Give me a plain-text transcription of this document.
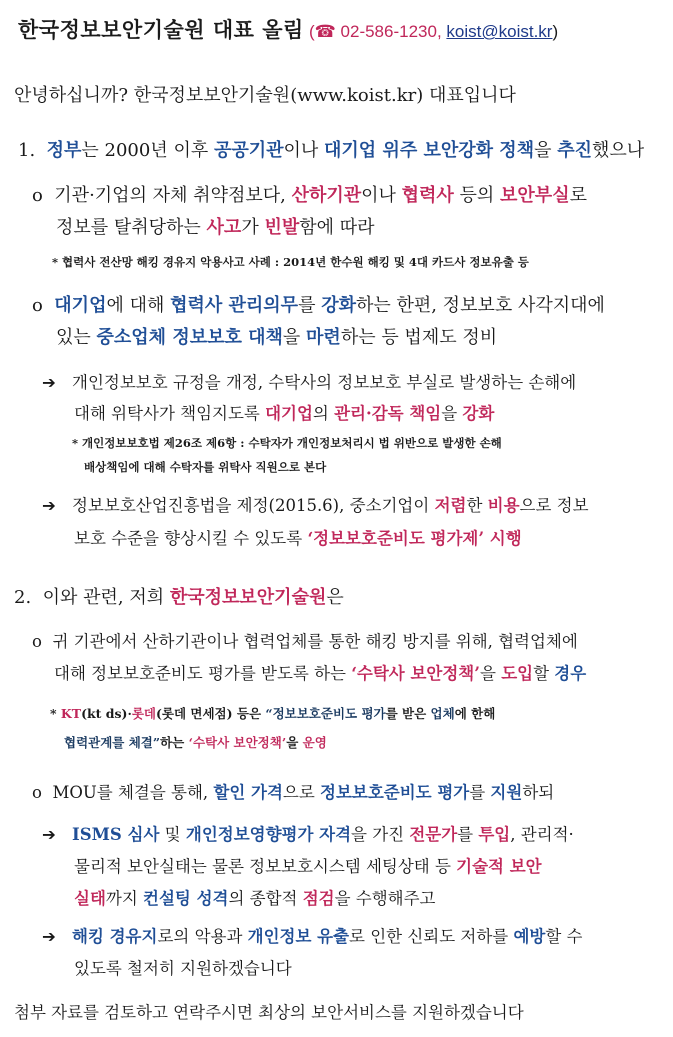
한국정보보안기술원 대표 올림 (☎ 02-586-1230, koist@koist.kr)
안녕하십니까? 한국정보보안기술원(www.koist.kr) 대표입니다
1. 정부는 2000년 이후 공공기관이나 대기업 위주 보안강화 정책을 추진했으나
o 기관·기업의 자체 취약점보다, 산하기관이나 협력사 등의 보안부실로
정보를 탈취당하는 사고가 빈발함에 따라
* 협력사 전산망 해킹 경유지 악용사고 사례 : 2014년 한수원 해킹 및 4대 카드사 정보유출 등
o 대기업에 대해 협력사 관리의무를 강화하는 한편, 정보보호 사각지대에
있는 중소업체 정보보호 대책을 마련하는 등 법제도 정비
➔ 개인정보보호 규정을 개정, 수탁사의 정보보호 부실로 발생하는 손해에
대해 위탁사가 책임지도록 대기업의 관리·감독 책임을 강화
* 개인정보보호법 제26조 제6항 : 수탁자가 개인정보처리시 법 위반으로 발생한 손해
배상책임에 대해 수탁자를 위탁사 직원으로 본다
➔ 정보보호산업진흥법을 제정(2015.6), 중소기업이 저렴한 비용으로 정보
보호 수준을 향상시킬 수 있도록 ‘정보보호준비도 평가제’ 시행
2. 이와 관련, 저희 한국정보보안기술원은
o 귀 기관에서 산하기관이나 협력업체를 통한 해킹 방지를 위해, 협력업체에
대해 정보보호준비도 평가를 받도록 하는 ‘수탁사 보안정책’을 도입할 경우
* KT(kt ds)·롯데(롯데 면세점) 등은 “정보보호준비도 평가를 받은 업체에 한해
협력관계를 체결”하는 ‘수탁사 보안정책’을 운영
o MOU를 체결을 통해, 할인 가격으로 정보보호준비도 평가를 지원하되
➔ ISMS 심사 및 개인정보영향평가 자격을 가진 전문가를 투입, 관리적·
물리적 보안실태는 물론 정보보호시스템 세팅상태 등 기술적 보안
실태까지 컨설팅 성격의 종합적 점검을 수행해주고
➔ 해킹 경유지로의 악용과 개인정보 유출로 인한 신뢰도 저하를 예방할 수
있도록 철저히 지원하겠습니다
첨부 자료를 검토하고 연락주시면 최상의 보안서비스를 지원하겠습니다
